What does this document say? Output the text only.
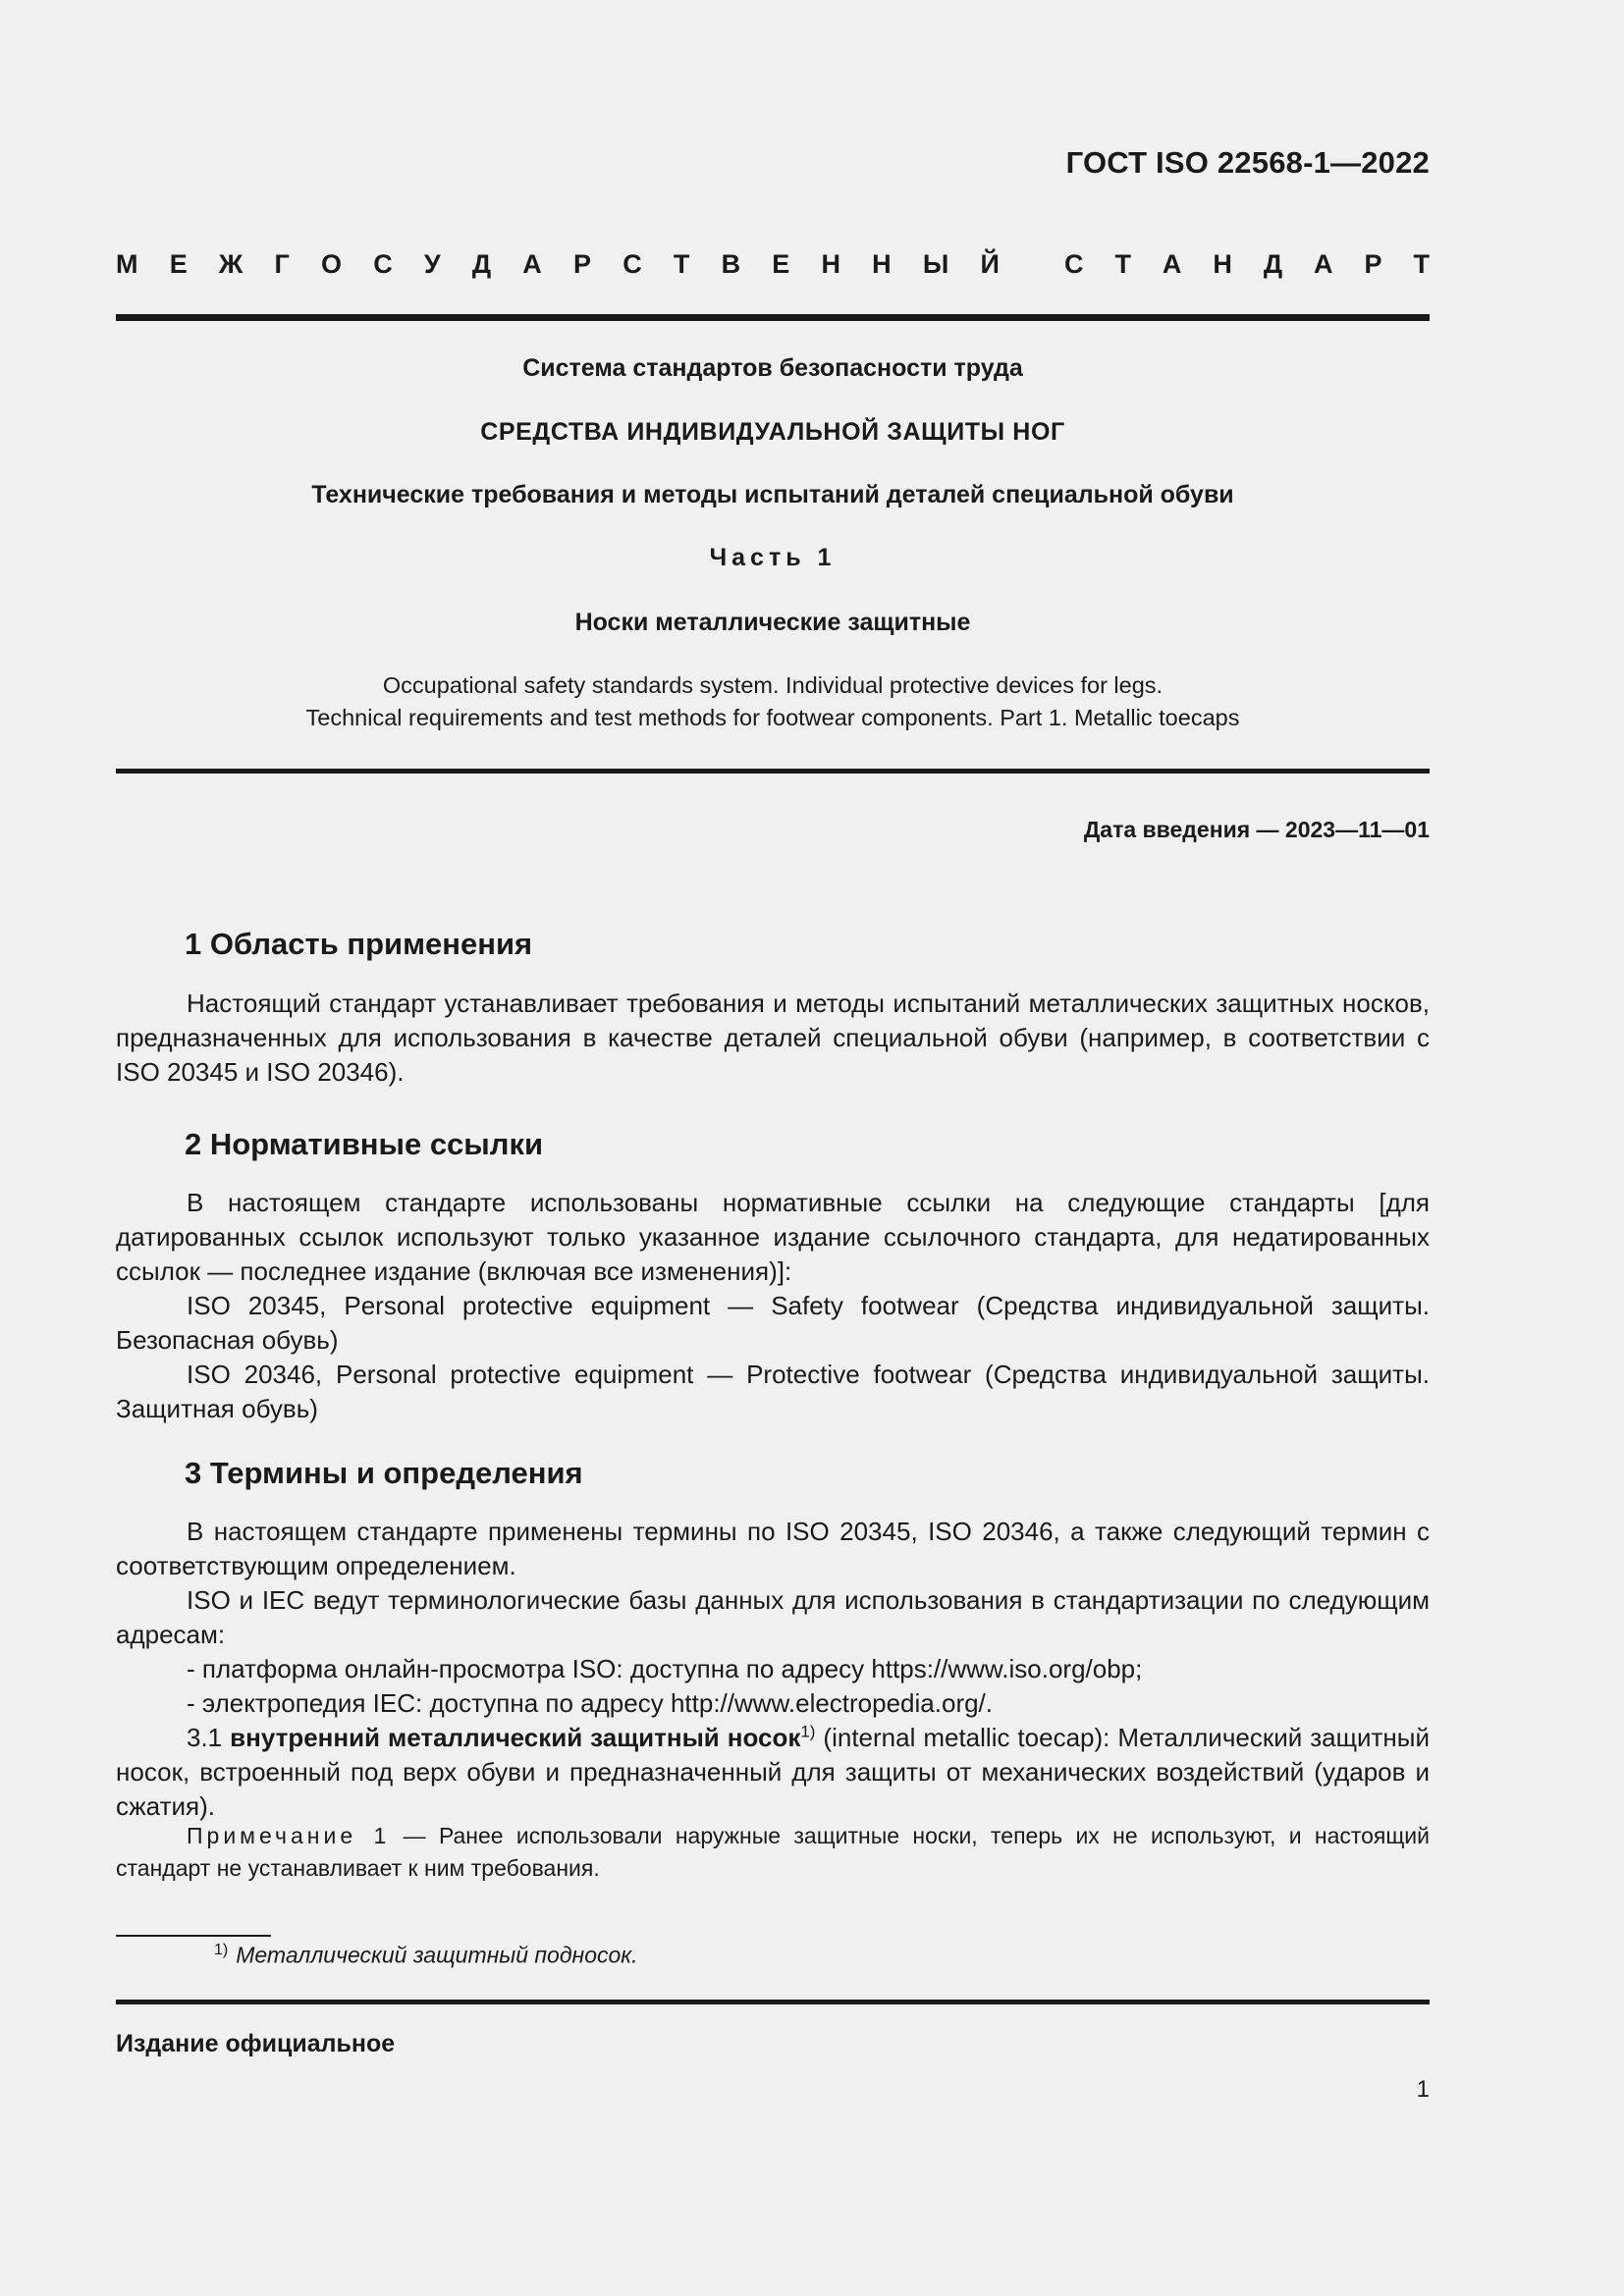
ГОСТ ISO 22568-1—2022
М Е Ж Г О С У Д А Р С Т В Е Н Н Ы Й С Т А Н Д А Р Т
Система стандартов безопасности труда
СРЕДСТВА ИНДИВИДУАЛЬНОЙ ЗАЩИТЫ НОГ
Технические требования и методы испытаний деталей специальной обуви
Часть 1
Носки металлические защитные
Occupational safety standards system. Individual protective devices for legs.
Technical requirements and test methods for footwear components. Part 1. Metallic toecaps
Дата введения — 2023—11—01
1 Область применения
Настоящий стандарт устанавливает требования и методы испытаний металлических защитных носков, предназначенных для использования в качестве деталей специальной обуви (например, в соответствии с ISO 20345 и ISO 20346).
2 Нормативные ссылки

В настоящем стандарте использованы нормативные ссылки на следующие стандарты [для датированных ссылок используют только указанное издание ссылочного стандарта, для недатированных ссылок — последнее издание (включая все изменения)]:

ISO 20345, Personal protective equipment — Safety footwear (Средства индивидуальной защиты. Безопасная обувь)

ISO 20346, Personal protective equipment — Protective footwear (Средства индивидуальной защиты. Защитная обувь)

3 Термины и определения

В настоящем стандарте применены термины по ISO 20345, ISO 20346, а также следующий термин с соответствующим определением.

ISO и IEC ведут терминологические базы данных для использования в стандартизации по следующим адресам:

- платформа онлайн-просмотра ISO: доступна по адресу https://www.iso.org/obp;

- электропедия IEC: доступна по адресу http://www.electropedia.org/.

3.1 внутренний металлический защитный носок$^{1)}$ (internal metallic toecap): Металлический защитный носок, встроенный под верх обуви и предназначенный для защиты от механических воздействий (ударов и сжатия).

Примечание 1 — Ранее использовали наружные защитные носки, теперь их не используют, и настоящий стандарт не устанавливает к ним требования.
$^{1)}$ Металлический защитный подносок.
Издание официальное
1
